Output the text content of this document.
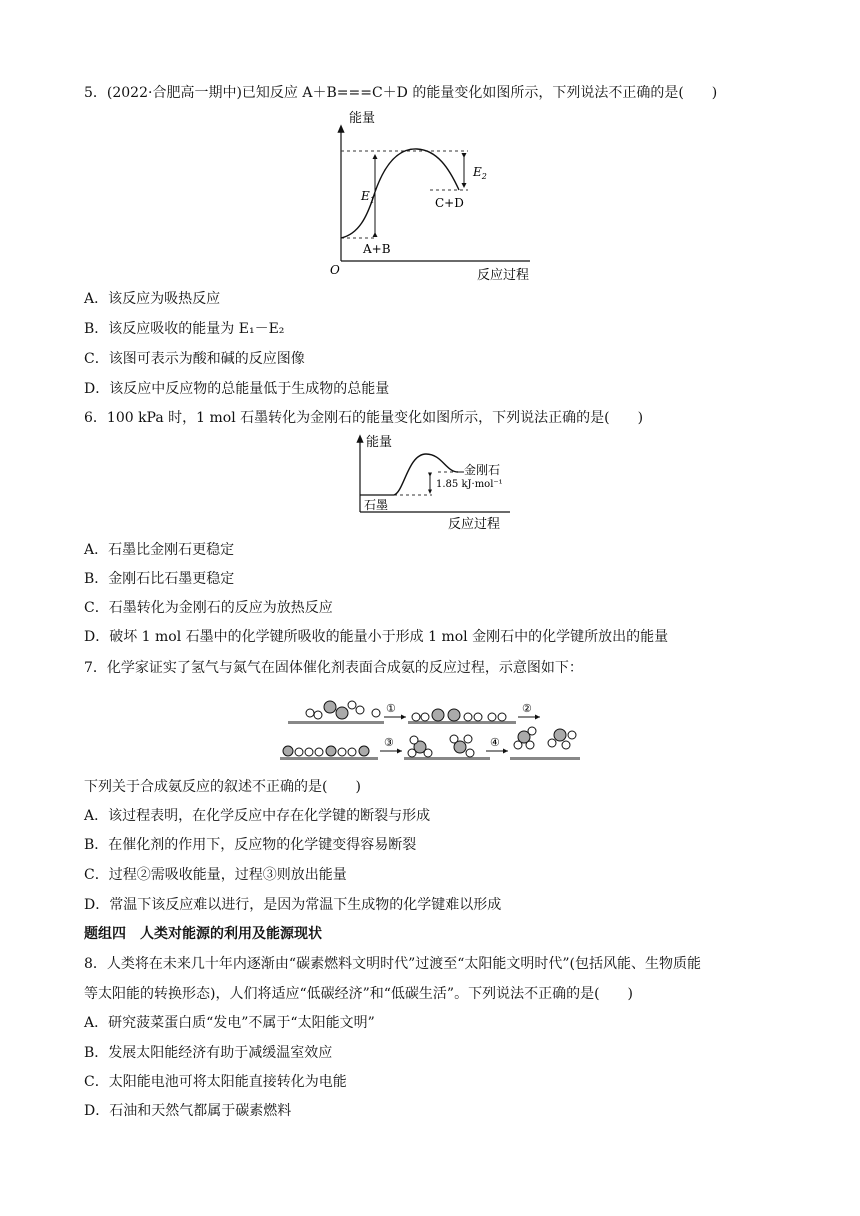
5．(2022·合肥高一期中)已知反应 A＋B===C＋D 的能量变化如图所示，下列说法不正确的是(　　)
能量
反应过程
O
$E_1$
$E_2$
C+D
A+B
A．该反应为吸热反应
B．该反应吸收的能量为 E₁－E₂
C．该图可表示为酸和碱的反应图像
D．该反应中反应物的总能量低于生成物的总能量
6．100 kPa 时，1 mol 石墨转化为金刚石的能量变化如图所示，下列说法正确的是(　　)
能量
反应过程
金刚石
1.85 kJ·mol⁻¹
石墨
A．石墨比金刚石更稳定
B．金刚石比石墨更稳定
C．石墨转化为金刚石的反应为放热反应
D．破坏 1 mol 石墨中的化学键所吸收的能量小于形成 1 mol 金刚石中的化学键所放出的能量
7．化学家证实了氢气与氮气在固体催化剂表面合成氨的反应过程，示意图如下：
①	②
③	④
下列关于合成氨反应的叙述不正确的是(　　)
A．该过程表明，在化学反应中存在化学键的断裂与形成
B．在催化剂的作用下，反应物的化学键变得容易断裂
C．过程②需吸收能量，过程③则放出能量
D．常温下该反应难以进行，是因为常温下生成物的化学键难以形成
题组四　人类对能源的利用及能源现状
8．人类将在未来几十年内逐渐由“碳素燃料文明时代”过渡至“太阳能文明时代”(包括风能、生物质能
等太阳能的转换形态)，人们将适应“低碳经济”和“低碳生活”。下列说法不正确的是(　　)
A．研究菠菜蛋白质“发电”不属于“太阳能文明”
B．发展太阳能经济有助于减缓温室效应
C．太阳能电池可将太阳能直接转化为电能
D．石油和天然气都属于碳素燃料
